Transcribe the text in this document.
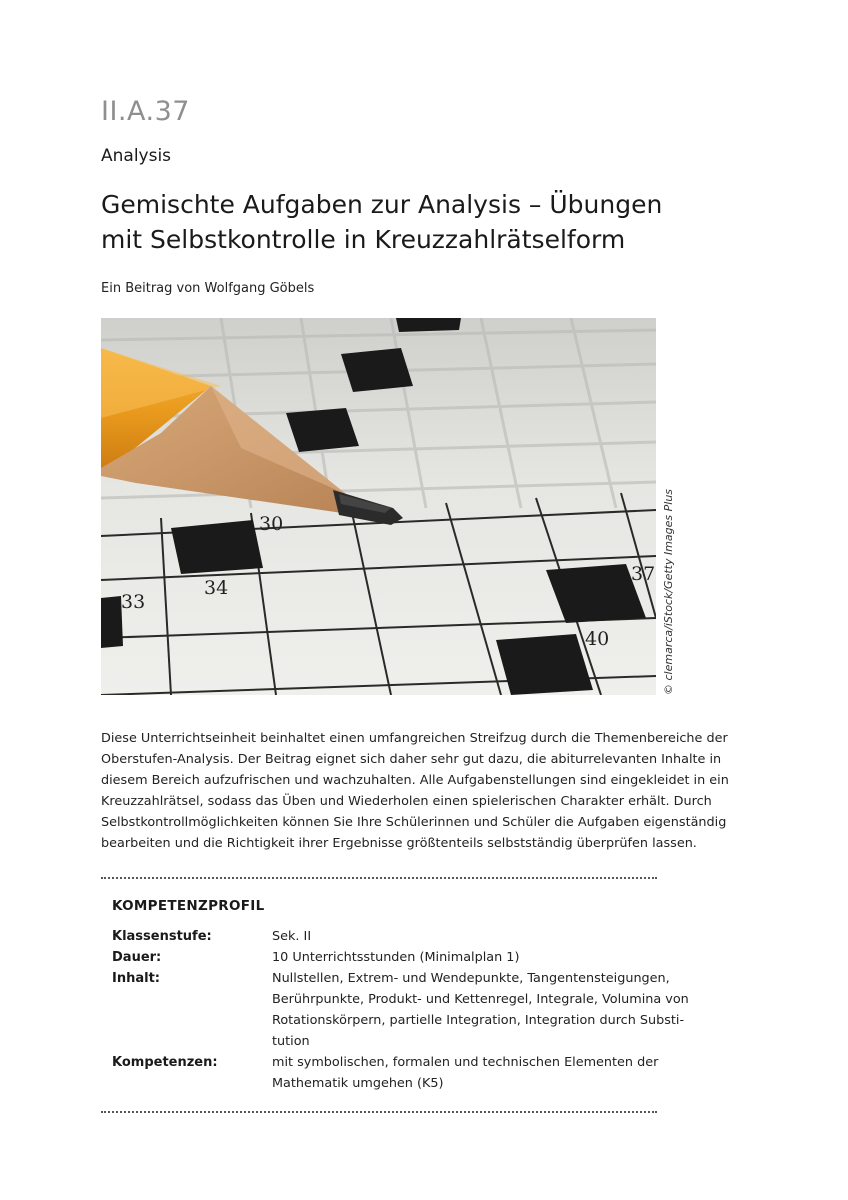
II.A.37
Analysis
Gemischte Aufgaben zur Analysis – Übungen
mit Selbstkontrolle in Kreuzzahlrätselform
Ein Beitrag von Wolfgang Göbels
30
34
33
37
40	© clemarca/iStock/Getty Images Plus
Diese Unterrichtseinheit beinhaltet einen umfangreichen Streifzug durch die Themenbereiche der
Oberstufen-Analysis. Der Beitrag eignet sich daher sehr gut dazu, die abiturrelevanten Inhalte in
diesem Bereich aufzufrischen und wachzuhalten. Alle Aufgabenstellungen sind eingekleidet in ein
Kreuzzahlrätsel, sodass das Üben und Wiederholen einen spielerischen Charakter erhält. Durch
Selbstkontrollmöglichkeiten können Sie Ihre Schülerinnen und Schüler die Aufgaben eigenständig
bearbeiten und die Richtigkeit ihrer Ergebnisse größtenteils selbstständig überprüfen lassen.
KOMPETENZPROFIL
Klassenstufe:	Sek. II
Dauer:	10 Unterrichtsstunden (Minimalplan 1)
Inhalt:	Nullstellen, Extrem- und Wendepunkte, Tangentensteigungen,
Berührpunkte, Produkt- und Kettenregel, Integrale, Volumina von
Rotationskörpern, partielle Integration, Integration durch Substi-
tution
Kompetenzen:	mit symbolischen, formalen und technischen Elementen der
Mathematik umgehen (K5)
